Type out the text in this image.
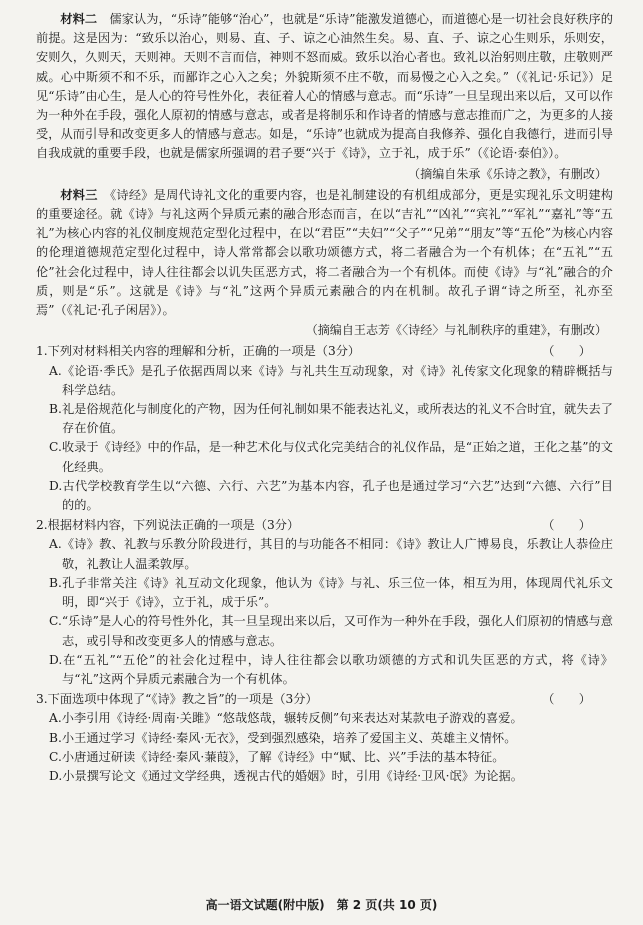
材料二　 儒家认为，“乐诗”能够“治心”，也就是“乐诗”能激发道德心，而道德心是一切社会良好秩序的前提。这是因为：“致乐以治心，则易、直、子、谅之心油然生矣。易、直、子、谅之心生则乐，乐则安，安则久，久则天，天则神。天则不言而信，神则不怒而威。致乐以治心者也。致礼以治躬则庄敬，庄敬则严威。心中斯须不和不乐，而鄙诈之心入之矣；外貌斯须不庄不敬，而易慢之心入之矣。”（《礼记·乐记》）足见“乐诗”由心生，是人心的符号性外化，表征着人心的情感与意志。而“乐诗”一旦呈现出来以后，又可以作为一种外在手段，强化人原初的情感与意志，或者是将制乐和作诗者的情感与意志推而广之，为更多的人接受，从而引导和改变更多人的情感与意志。如是，“乐诗”也就成为提高自我修养、强化自我德行，进而引导自我成就的重要手段，也就是儒家所强调的君子要“兴于《诗》，立于礼，成于乐”（《论语·泰伯》）。

（摘编自朱承《乐诗之教》，有删改）

材料三　 《诗经》是周代诗礼文化的重要内容，也是礼制建设的有机组成部分，更是实现礼乐文明建构的重要途径。就《诗》与礼这两个异质元素的融合形态而言，在以“吉礼”“凶礼”“宾礼”“军礼”“嘉礼”等“五礼”为核心内容的礼仪制度规范定型化过程中，在以“君臣”“夫妇”“父子”“兄弟”“朋友”等“五伦”为核心内容的伦理道德规范定型化过程中，诗人常常都会以歌功颂德方式，将二者融合为一个有机体；在“五礼”“五伦”社会化过程中，诗人往往都会以讥失匡恶方式，将二者融合为一个有机体。而使《诗》与“礼”融合的介质，则是“乐”。这就是《诗》与“礼”这两个异质元素融合的内在机制。故孔子谓“诗之所至，礼亦至焉”（《礼记·孔子闲居》）。

（摘编自王志芳《〈诗经〉与礼制秩序的重建》，有删改）

1.下列对材料相关内容的理解和分析，正确的一项是（3分）	（　　）

A.《论语·季氏》是孔子依据西周以来《诗》与礼共生互动现象，对《诗》礼传家文化现象的精辟概括与科学总结。

B.礼是俗规范化与制度化的产物，因为任何礼制如果不能表达礼义，或所表达的礼义不合时宜，就失去了存在价值。

C.收录于《诗经》中的作品，是一种艺术化与仪式化完美结合的礼仪作品，是“正始之道，王化之基”的文化经典。

D.古代学校教育学生以“六德、六行、六艺”为基本内容，孔子也是通过学习“六艺”达到“六德、六行”目的的。

2.根据材料内容，下列说法正确的一项是（3分）	（　　）

A.《诗》教、礼教与乐教分阶段进行，其目的与功能各不相同：《诗》教让人广博易良，乐教让人恭俭庄敬，礼教让人温柔敦厚。

B.孔子非常关注《诗》礼互动文化现象，他认为《诗》与礼、乐三位一体，相互为用，体现周代礼乐文明，即“兴于《诗》，立于礼，成于乐”。

C.“乐诗”是人心的符号性外化，其一旦呈现出来以后，又可作为一种外在手段，强化人们原初的情感与意志，或引导和改变更多人的情感与意志。

D.在“五礼”“五伦”的社会化过程中，诗人往往都会以歌功颂德的方式和讥失匡恶的方式，将《诗》与“礼”这两个异质元素融合为一个有机体。

3.下面选项中体现了“《诗》教之旨”的一项是（3分）	（　　）

A.小李引用《诗经·周南·关雎》“悠哉悠哉，辗转反侧”句来表达对某款电子游戏的喜爱。

B.小王通过学习《诗经·秦风·无衣》，受到强烈感染，培养了爱国主义、英雄主义情怀。

C.小唐通过研读《诗经·秦风·蒹葭》，了解《诗经》中“赋、比、兴”手法的基本特征。

D.小景撰写论文《通过文学经典，透视古代的婚姻》时，引用《诗经·卫风·氓》为论据。

高一语文试题(附中版)　第 2 页(共 10 页)
